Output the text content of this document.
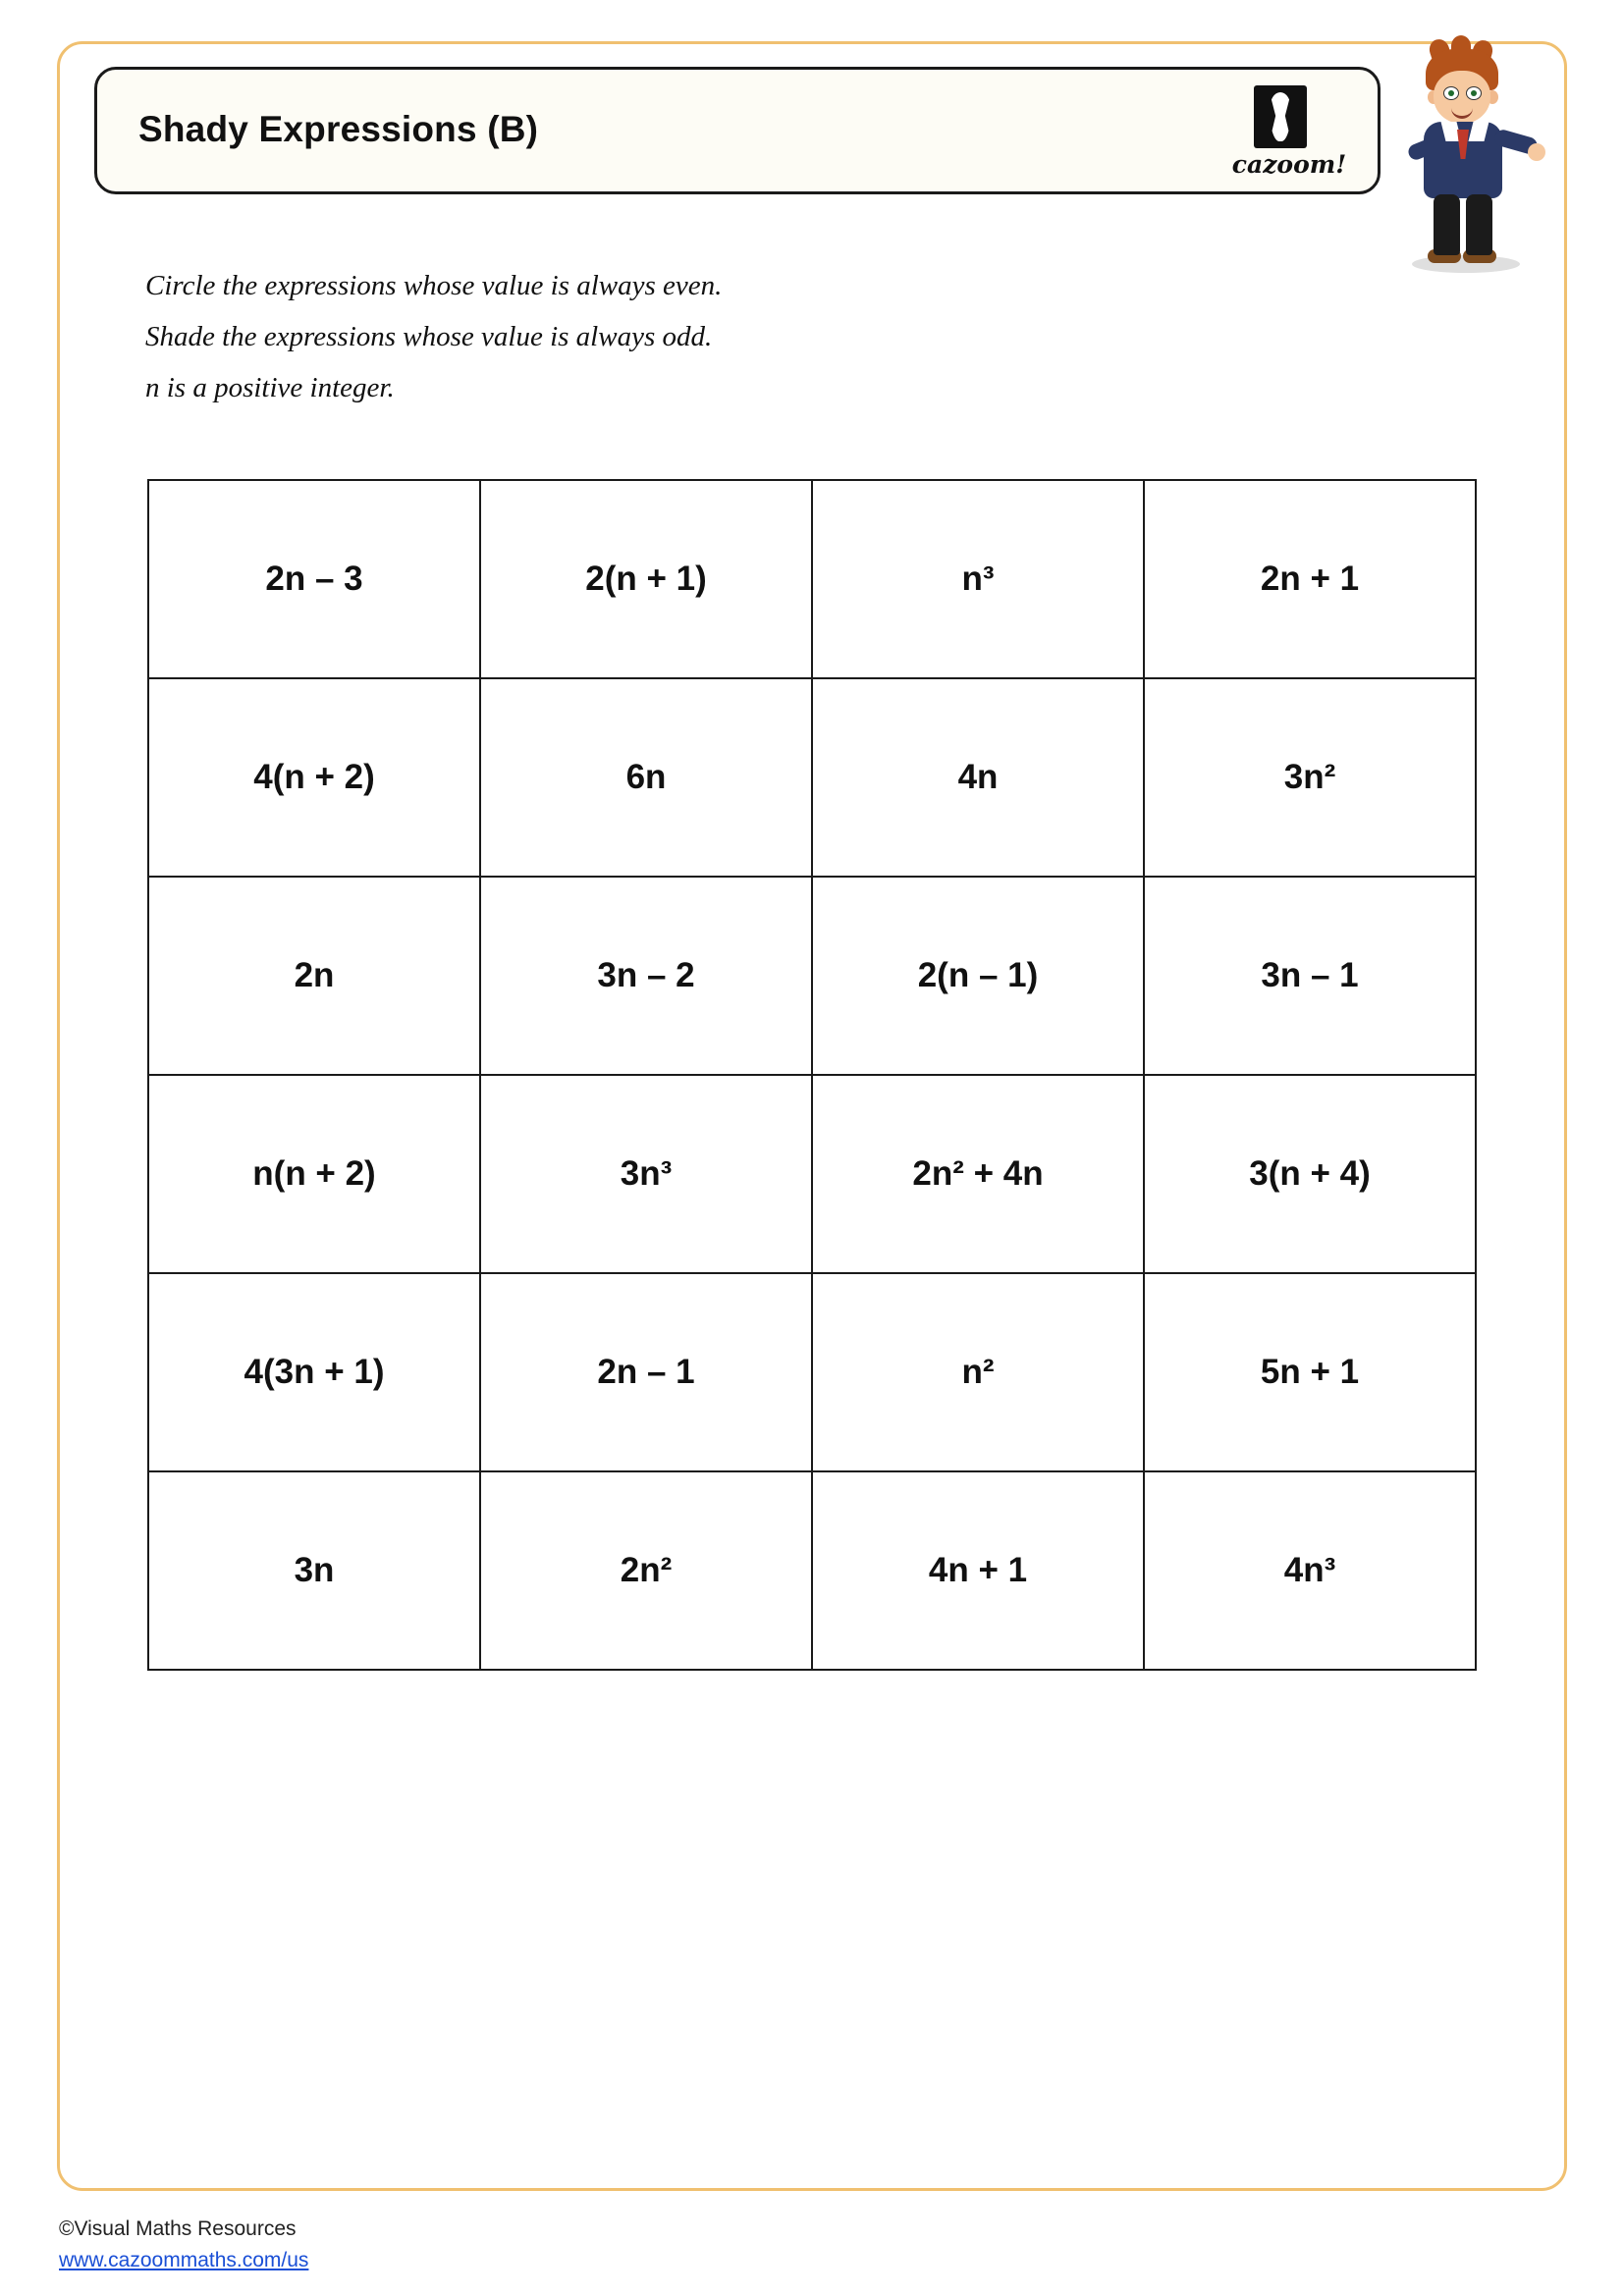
Shady Expressions (B)
cazoom!
Circle the expressions whose value is always even.
Shade the expressions whose value is always odd.
n is a positive integer.
2n – 3	2(n + 1)	n³	2n + 1
4(n + 2)	6n	4n	3n²
2n	3n – 2	2(n – 1)	3n – 1
n(n + 2)	3n³	2n² + 4n	3(n + 4)
4(3n + 1)	2n – 1	n²	5n + 1
3n	2n²	4n + 1	4n³
©Visual Maths Resources
www.cazoommaths.com/us
